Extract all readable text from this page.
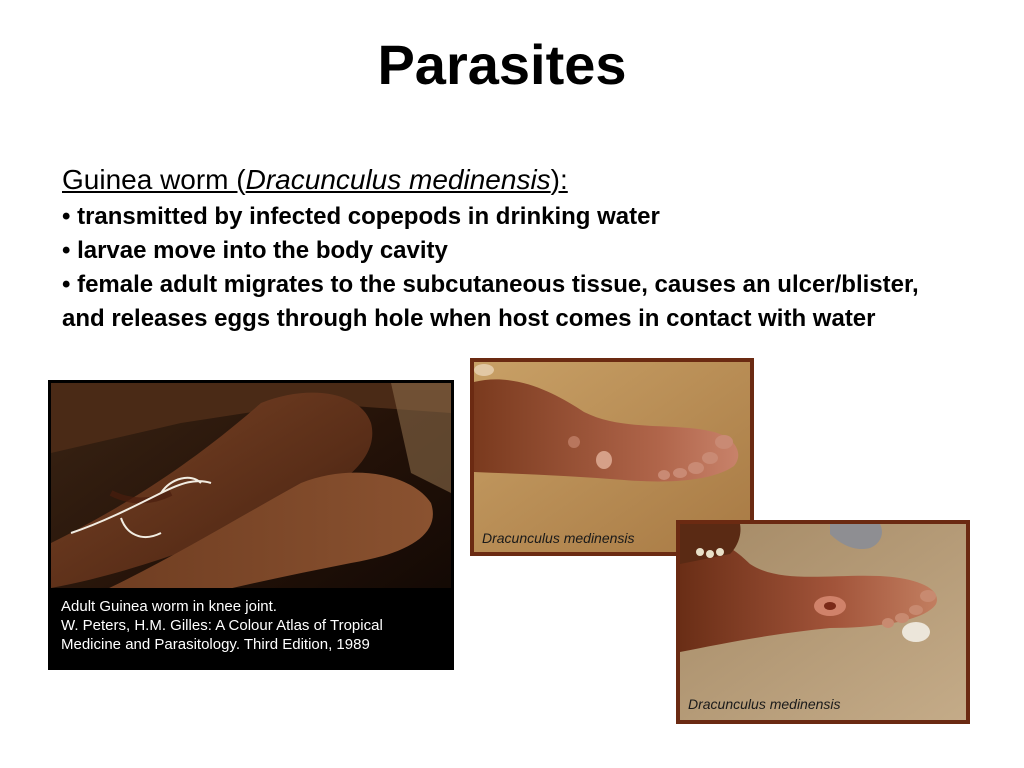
Parasites
Guinea worm (Dracunculus medinensis):
• transmitted by infected copepods in drinking water
• larvae move into the body cavity
• female adult migrates to the subcutaneous tissue, causes an ulcer/blister, and releases eggs through hole when host comes in contact with water
Adult Guinea worm in knee joint.
W. Peters, H.M. Gilles: A Colour Atlas of Tropical
Medicine and Parasitology. Third Edition, 1989
Dracunculus medinensis
Dracunculus medinensis
